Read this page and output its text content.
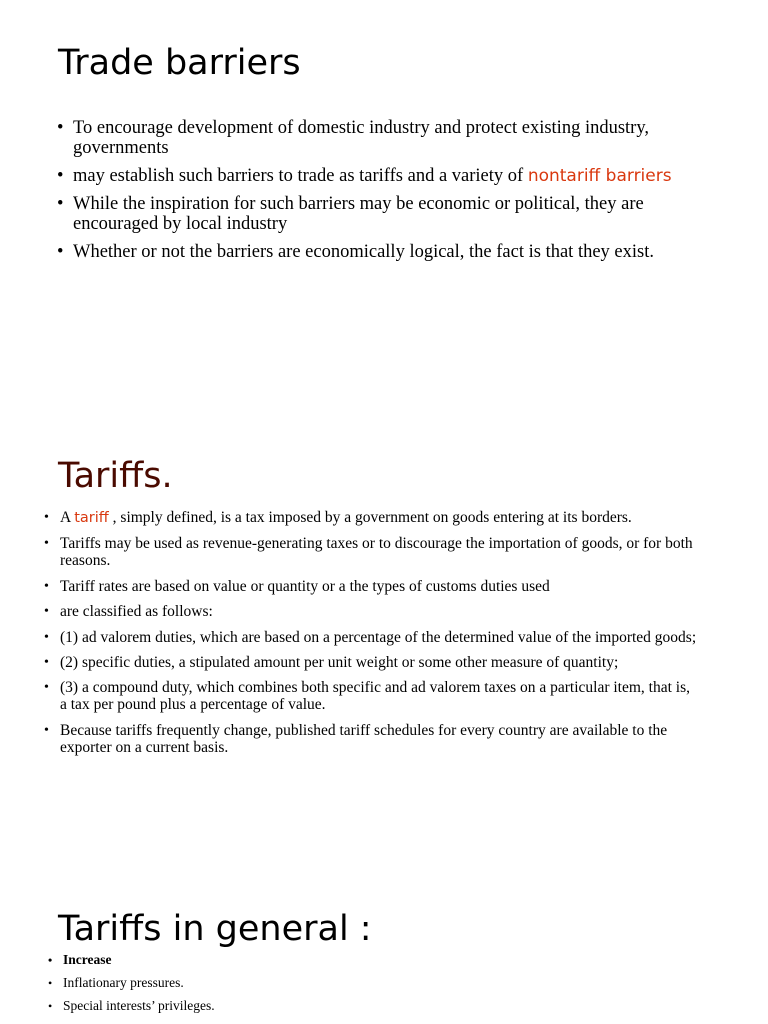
Trade barriers
• To encourage development of domestic industry and protect existing industry, governments
• may establish such barriers to trade as tariffs and a variety of nontariff barriers
• While the inspiration for such barriers may be economic or political, they are encouraged by local industry
• Whether or not the barriers are economically logical, the fact is that they exist.
Tariffs.
• A tariff , simply defined, is a tax imposed by a government on goods entering at its borders.
• Tariffs may be used as revenue-generating taxes or to discourage the importation of goods, or for both reasons.
• Tariff rates are based on value or quantity or a the types of customs duties used
• are classified as follows:
• (1) ad valorem duties, which are based on a percentage of the determined value of the imported goods;
• (2) specific duties, a stipulated amount per unit weight or some other measure of quantity;
• (3) a compound duty, which combines both specific and ad valorem taxes on a particular item, that is, a tax per pound plus a percentage of value.
• Because tariffs frequently change, published tariff schedules for every country are available to the exporter on a current basis.
Tariffs in general :
• Increase
• Inflationary pressures.
• Special interests’ privileges.
